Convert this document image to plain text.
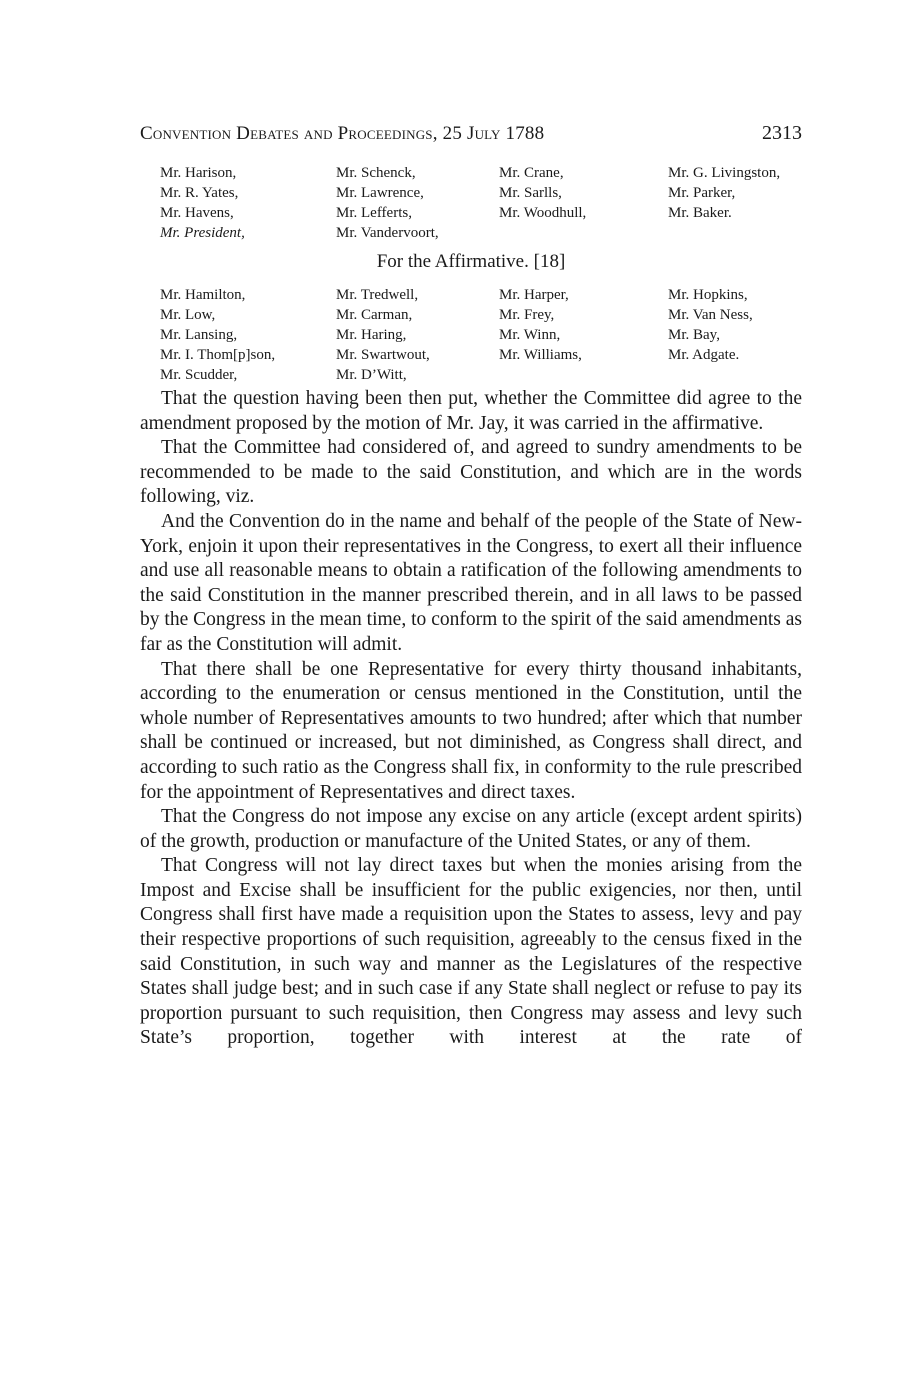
Convention Debates and Proceedings, 25 July 1788	2313
Mr. Harison,	Mr. Schenck,	Mr. Crane,	Mr. G. Livingston,
Mr. R. Yates,	Mr. Lawrence,	Mr. Sarlls,	Mr. Parker,
Mr. Havens,	Mr. Lefferts,	Mr. Woodhull,	Mr. Baker.
Mr. President,	Mr. Vandervoort,
For the Affirmative. [18]
Mr. Hamilton,	Mr. Tredwell,	Mr. Harper,	Mr. Hopkins,
Mr. Low,	Mr. Carman,	Mr. Frey,	Mr. Van Ness,
Mr. Lansing,	Mr. Haring,	Mr. Winn,	Mr. Bay,
Mr. I. Thom[p]son,	Mr. Swartwout,	Mr. Williams,	Mr. Adgate.
Mr. Scudder,	Mr. D’Witt,

That the question having been then put, whether the Committee did agree to the amendment proposed by the motion of Mr. Jay, it was carried in the affirmative.

That the Committee had considered of, and agreed to sundry amendments to be recommended to be made to the said Constitution, and which are in the words following, viz.

And the Convention do in the name and behalf of the people of the State of New-York, enjoin it upon their representatives in the Congress, to exert all their influence and use all reasonable means to obtain a ratification of the following amendments to the said Constitution in the manner prescribed therein, and in all laws to be passed by the Congress in the mean time, to conform to the spirit of the said amendments as far as the Constitution will admit.

That there shall be one Representative for every thirty thousand inhabitants, according to the enumeration or census mentioned in the Constitution, until the whole number of Representatives amounts to two hundred; after which that number shall be continued or increased, but not diminished, as Congress shall direct, and according to such ratio as the Congress shall fix, in conformity to the rule prescribed for the appointment of Representatives and direct taxes.

That the Congress do not impose any excise on any article (except ardent spirits) of the growth, production or manufacture of the United States, or any of them.

That Congress will not lay direct taxes but when the monies arising from the Impost and Excise shall be insufficient for the public exigencies, nor then, until Congress shall first have made a requisition upon the States to assess, levy and pay their respective proportions of such requisition, agreeably to the census fixed in the said Constitution, in such way and manner as the Legislatures of the respective States shall judge best; and in such case if any State shall neglect or refuse to pay its proportion pursuant to such requisition, then Congress may assess and levy such State’s proportion, together with interest at the rate of
